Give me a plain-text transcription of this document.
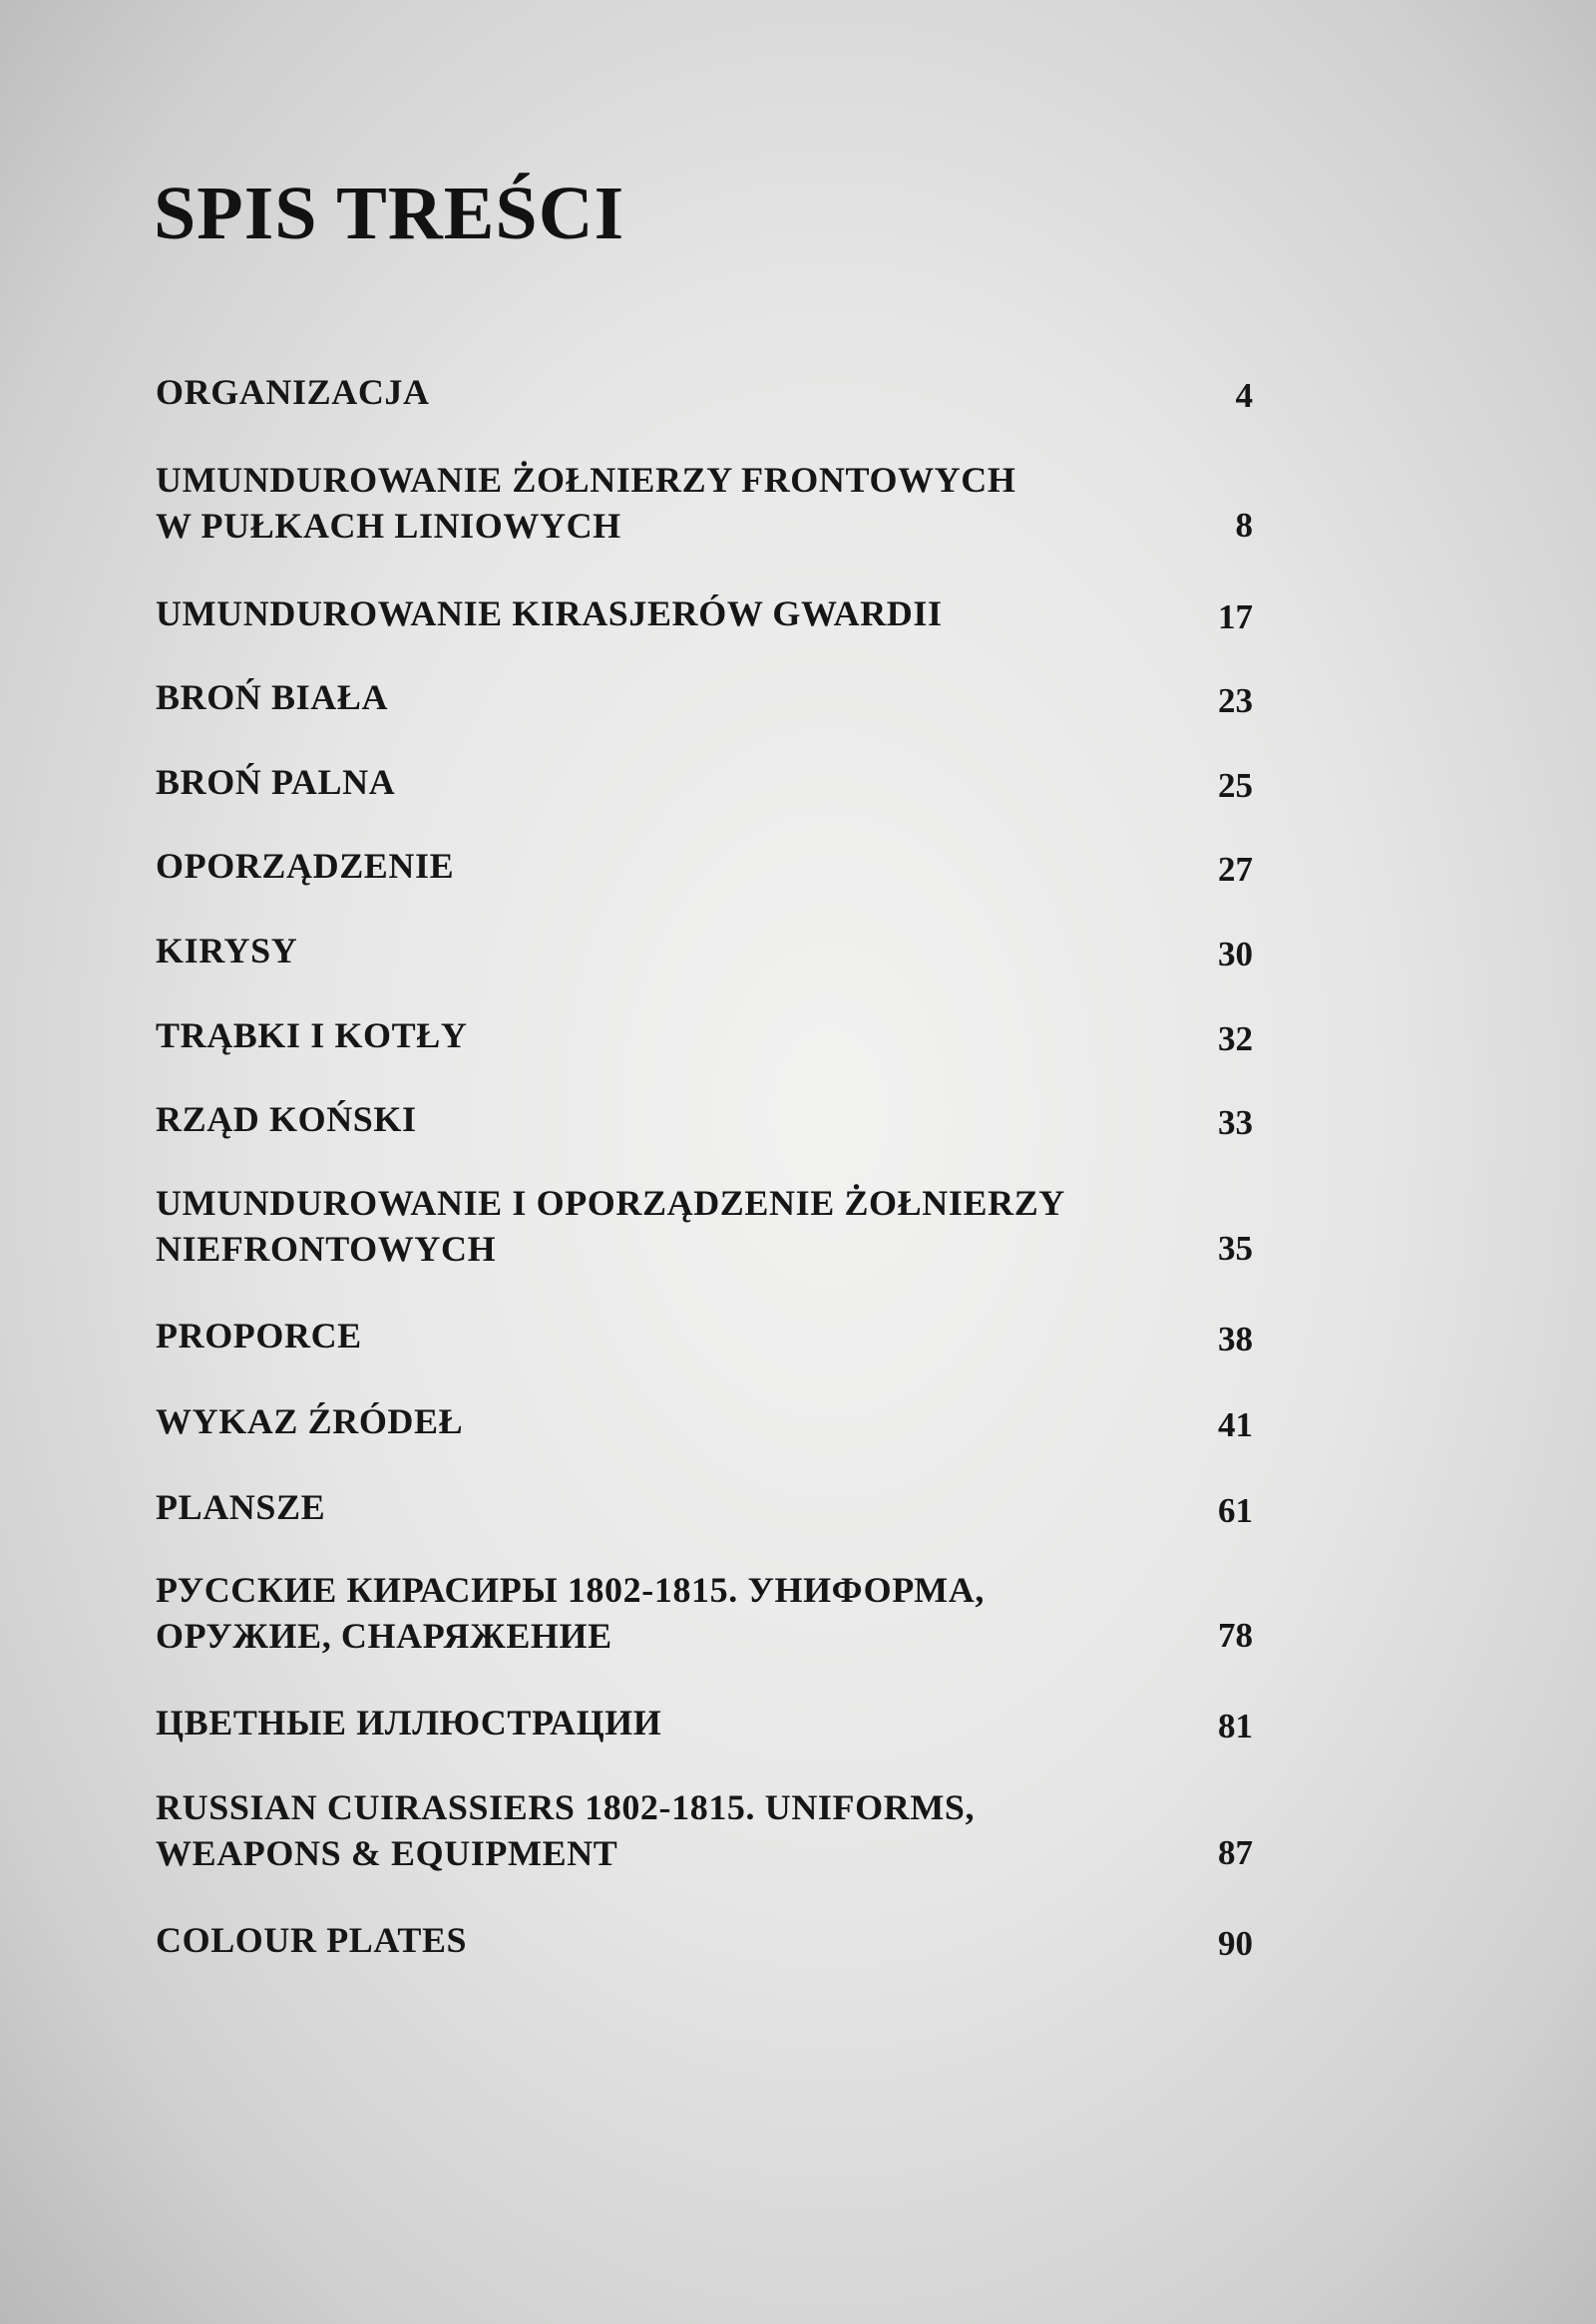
SPIS TREŚCI
ORGANIZACJA	4
UMUNDUROWANIE ŻOŁNIERZY FRONTOWYCH
W PUŁKACH LINIOWYCH	8
UMUNDUROWANIE KIRASJERÓW GWARDII	17
BROŃ BIAŁA	23
BROŃ PALNA	25
OPORZĄDZENIE	27
KIRYSY	30
TRĄBKI I KOTŁY	32
RZĄD KOŃSKI	33
UMUNDUROWANIE I OPORZĄDZENIE ŻOŁNIERZY
NIEFRONTOWYCH	35
PROPORCE	38
WYKAZ ŹRÓDEŁ	41
PLANSZE	61
РУССКИЕ КИРАСИРЫ 1802-1815. УНИФОРМА,
ОРУЖИЕ, СНАРЯЖЕНИЕ	78
ЦВЕТНЫЕ ИЛЛЮСТРАЦИИ	81
RUSSIAN CUIRASSIERS 1802-1815. UNIFORMS,
WEAPONS & EQUIPMENT	87
COLOUR PLATES	90
